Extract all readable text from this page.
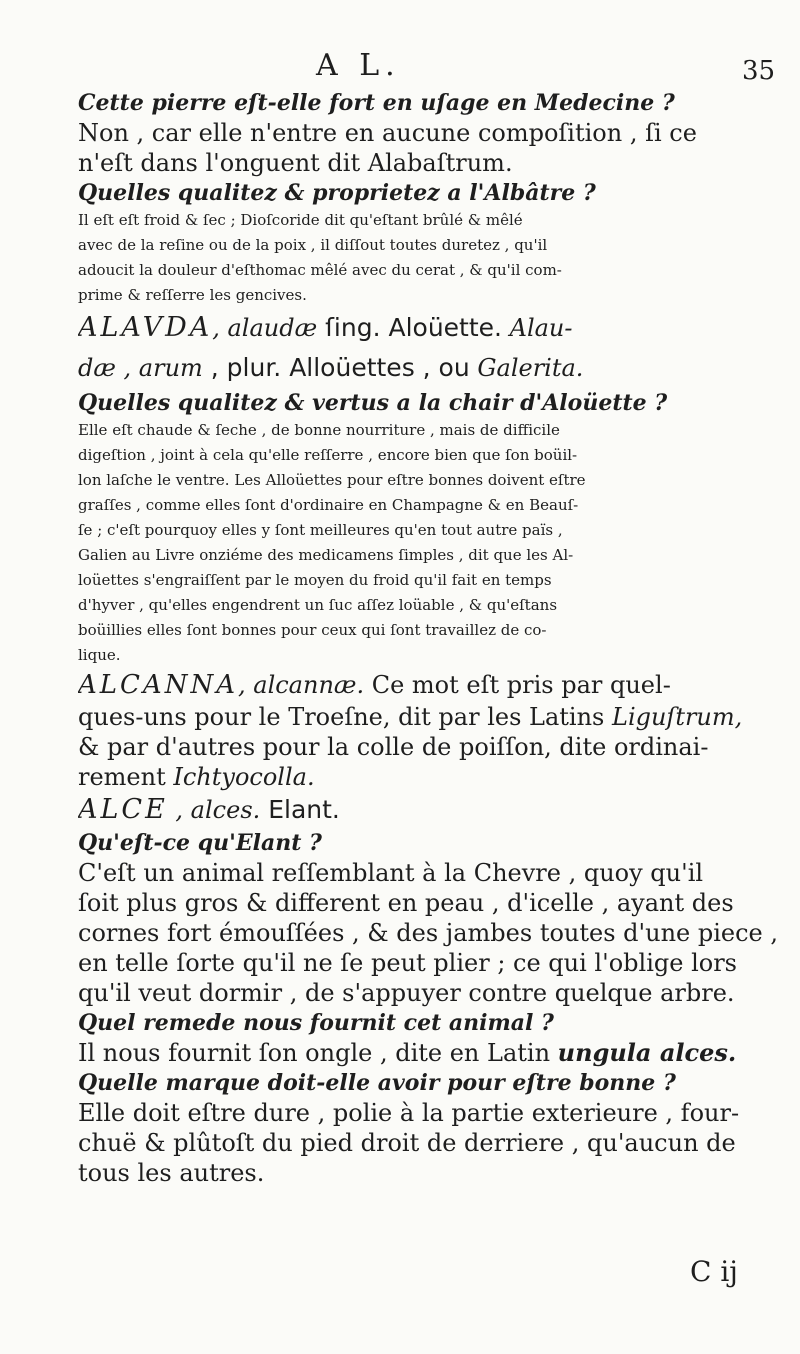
A L.	35
Cette pierre eſt-elle fort en uſage en Medecine ?
Non , car elle n'entre en aucune compoſition , ſi ce
n'eſt dans l'onguent dit Alabaſtrum.
Quelles qualitez & proprietez a l'Albâtre ?
Il eſt eſt froid & ſec ; Dioſcoride dit qu'eſtant brûlé & mêlé
avec de la reſine ou de la poix , il diſſout toutes duretez , qu'il
adoucit la douleur d'eſthomac mêlé avec du cerat , & qu'il com-
prime & reſſerre les gencives.
ALAVDA, alaudæ ſing. Aloüette. Alau-
dæ , arum , plur. Alloüettes , ou Galerita.
Quelles qualitez & vertus a la chair d'Aloüette ?
Elle eſt chaude & ſeche , de bonne nourriture , mais de difficile
digeſtion , joint à cela qu'elle reſſerre , encore bien que ſon boüil-
lon laſche le ventre. Les Alloüettes pour eſtre bonnes doivent eſtre
graſſes , comme elles ſont d'ordinaire en Champagne & en Beauſ-
ſe ; c'eſt pourquoy elles y ſont meilleures qu'en tout autre païs ,
Galien au Livre onziéme des medicamens ſimples , dit que les Al-
loüettes s'engraiſſent par le moyen du froid qu'il fait en temps
d'hyver , qu'elles engendrent un ſuc aſſez loüable , & qu'eſtans
boüillies elles ſont bonnes pour ceux qui ſont travaillez de co-
lique.
ALCANNA, alcannæ. Ce mot eſt pris par quel-
ques-uns pour le Troeſne, dit par les Latins Liguſtrum,
& par d'autres pour la colle de poiſſon, dite ordinai-
rement Ichtyocolla.
ALCE , alces. Elant.
Qu'eſt-ce qu'Elant ?
C'eſt un animal reſſemblant à la Chevre , quoy qu'il
ſoit plus gros & different en peau , d'icelle , ayant des
cornes fort émouſſées , & des jambes toutes d'une piece ,
en telle ſorte qu'il ne ſe peut plier ; ce qui l'oblige lors
qu'il veut dormir , de s'appuyer contre quelque arbre.
Quel remede nous fournit cet animal ?
Il nous fournit ſon ongle , dite en Latin ungula alces.
Quelle marque doit-elle avoir pour eſtre bonne ?
Elle doit eſtre dure , polie à la partie exterieure , four-
chuë & plûtoſt du pied droit de derriere , qu'aucun de
tous les autres.
C ij
